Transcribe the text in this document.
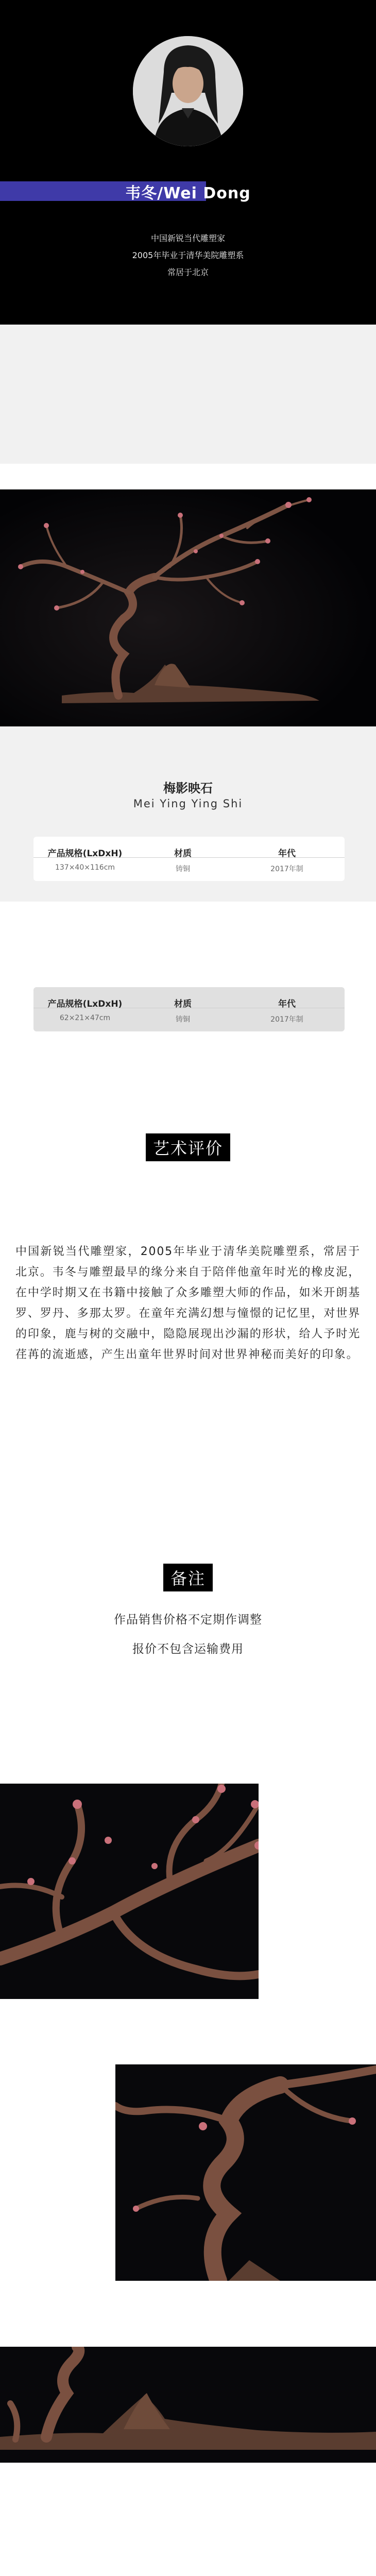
韦冬/Wei Dong
中国新锐当代雕塑家
2005年毕业于清华美院雕塑系
常居于北京
梅影映石
Mei Ying Ying Shi
产品规格(LxDxH)
137×40×116cm
材质
铸铜
年代
2017年制
产品规格(LxDxH)
62×21×47cm
材质
铸铜
年代
2017年制
艺术评价
中国新锐当代雕塑家，2005年毕业于清华美院雕塑系，常居于北京。韦冬与雕塑最早的缘分来自于陪伴他童年时光的橡皮泥，在中学时期又在书籍中接触了众多雕塑大师的作品，如米开朗基罗、罗丹、多那太罗。在童年充满幻想与憧憬的记忆里，对世界的印象，鹿与树的交融中，隐隐展现出沙漏的形状，给人予时光荏苒的流逝感，产生出童年世界时间对世界神秘而美好的印象。
备注
作品销售价格不定期作调整
报价不包含运输费用
